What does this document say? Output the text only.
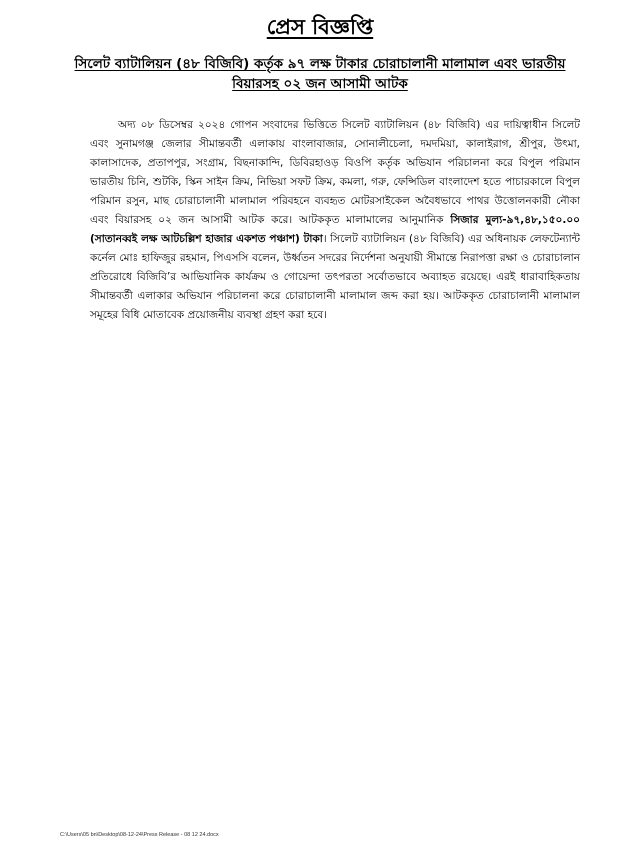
প্রেস বিজ্ঞপ্তি
সিলেট ব্যাটালিয়ন (৪৮ বিজিবি) কর্তৃক ৯৭ লক্ষ টাকার চোরাচালানী মালামাল এবং ভারতীয়
বিয়ারসহ ০২ জন আসামী আটক

অদ্য ০৮ ডিসেম্বর ২০২৪ গোপন সংবাদের ভিত্তিতে সিলেট ব্যাটালিয়ন (৪৮ বিজিবি) এর দায়িত্বাধীন সিলেট এবং সুনামগঞ্জ জেলার সীমান্তবর্তী এলাকায় বাংলাবাজার, সোনালীচেলা, দমদমিয়া, কালাইরাগ, শ্রীপুর, উৎমা, কালাসাদেক, প্রতাপপুর, সংগ্রাম, বিছনাকান্দি, ডিবিরহাওড় বিওপি কর্তৃক অভিযান পরিচালনা করে বিপুল পরিমান ভারতীয় চিনি, শুটকি, স্কিন সাইন ক্রিম, নিভিয়া সফট ক্রিম, কমলা, গরু, ফেন্সিডিল বাংলাদেশ হতে পাচারকালে বিপুল পরিমান রসুন, মাছ চোরাচালানী মালামাল পরিবহনে ব্যবহৃত মোটরসাইকেল অবৈধভাবে পাথর উত্তোলনকারী নৌকা এবং বিয়ারসহ ০২ জন আসামী আটক করে। আটককৃত মালামালের আনুমানিক সিজার মুল্য-৯৭,৪৮,১৫০.০০ (সাতানব্বই লক্ষ আটচল্লিশ হাজার একশত পঞ্চাশ) টাকা। সিলেট ব্যাটালিয়ন (৪৮ বিজিবি) এর অধিনায়ক লেফটেন্যান্ট কর্নেল মোঃ হাফিজুর রহমান, পিএসসি বলেন, উর্ধ্বতন সদরের নির্দেশনা অনুযায়ী সীমান্তে নিরাপত্তা রক্ষা ও চোরাচালান প্রতিরোধে বিজিবি’র আভিযানিক কার্যক্রম ও গোয়েন্দা তৎপরতা সর্বোতভাবে অব্যাহত রয়েছে। এরই ধারাবাহিকতায় সীমান্তবর্তী এলাকার অভিযান পরিচালনা করে চোরাচালানী মালামাল জব্দ করা হয়। আটককৃত চোরাচালানী মালামাল সমূহের বিধি মোতাবেক প্রয়োজনীয় ব্যবস্থা গ্রহণ করা হবে।

C:\Users\05 bn\Desktop\08-12-24\Press Release - 08 12 24.docx
